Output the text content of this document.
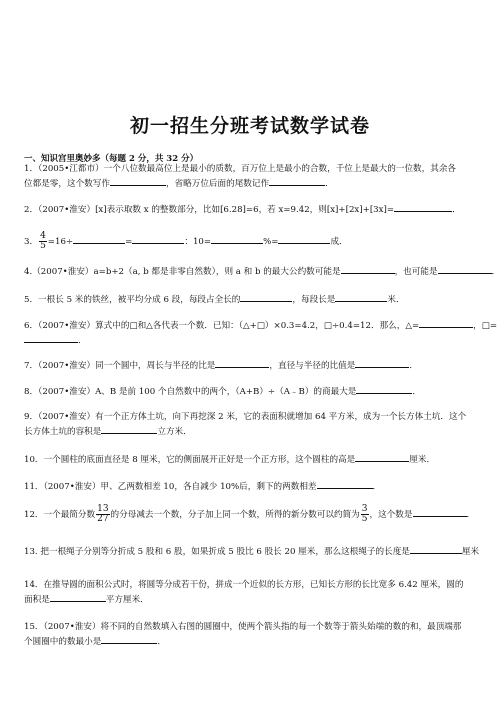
初一招生分班考试数学试卷
一、知识宫里奥妙多（每题 2 分，共 32 分）
1．（2005•江都市）一个八位数最高位上是最小的质数，百万位上是最小的合数，千位上是最大的一位数，其余各
位都是零，这个数写作	，省略万位后面的尾数记作	．
2．（2007•淮安）[x]表示取数 x 的整数部分，比如[6.28]=6，若 x=9.42，则[x]+[2x]+[3x]=	．
3． $\frac{4}{5} =16\div$	=	：10=	%=	成．
4.（2007•淮安）a=b+2（a, b 都是非零自然数），则 a 和 b 的最大公约数可能是	，也可能是	．
5．一根长 5 米的铁丝，被平均分成 6 段，每段占全长的	，每段长是	米．
6．（2007•淮安）算式中的□和△各代表一个数．已知：（△+□）×0.3=4.2，□÷0.4=12．那么，△=	，□=
．
7．（2007•淮安）同一个圆中，周长与半径的比是	，直径与半径的比值是	．
8．（2007•淮安）A、B 是前 100 个自然数中的两个，（A+B）÷（A﹣B）的商最大是	．
9．（2007•淮安）有一个正方体土坑，向下再挖深 2 米，它的表面积就增加 64 平方米，成为一个长方体土坑．这个
长方体土坑的容积是	立方米．
10．一个圆柱的底面直径是 8 厘米，它的侧面展开正好是一个正方形，这个圆柱的高是	厘米．
11．（2007•淮安）甲、乙两数相差 10，各自减少 10%后，剩下的两数相差	．
12．一个最简分数 $\frac{13}{27}$ 的分母减去一个数，分子加上同一个数，所得的新分数可以约简为 $\frac{3}{5}$ ，这个数是	．
13. 把一根绳子分别等分折成 5 股和 6 股，如果折成 5 股比 6 股长 20 厘米，那么这根绳子的长度是	厘米
14．在推导圆的面积公式时，将圆等分成若干份，拼成一个近似的长方形，已知长方形的长比宽多 6.42 厘米，圆的
面积是	平方厘米．
15．（2007•淮安）将不同的自然数填入右图的圆圈中，使两个箭头指的每一个数等于箭头始端的数的和，最顶端那
个圆圈中的数最小是	．
